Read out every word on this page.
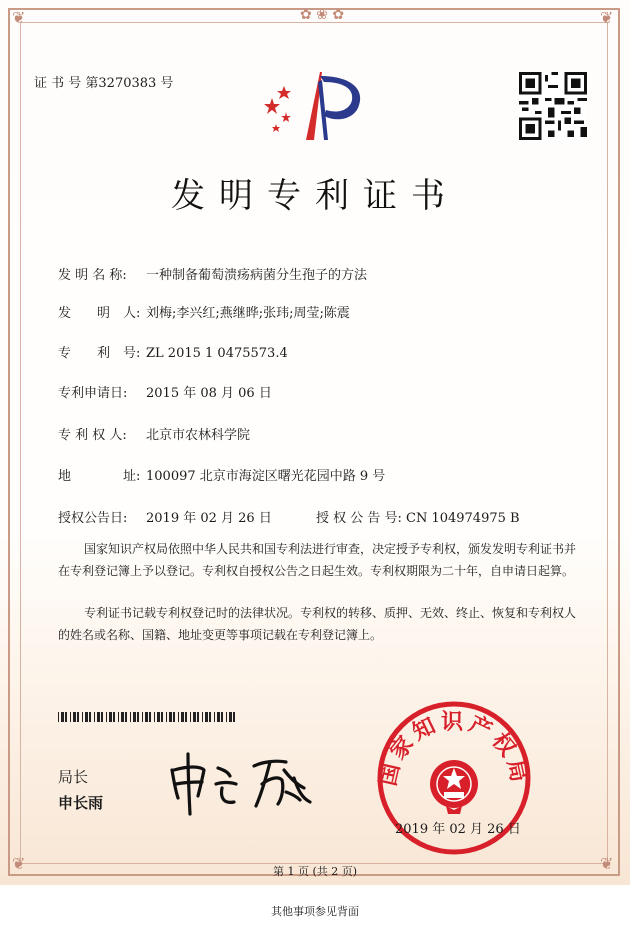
❦	❦
❦	❦
✿ ❀ ✿
证 书 号 第3270383 号
发明专利证书
发 明 名 称: 一种制备葡萄溃疡病菌分生孢子的方法
发　　明　人: 刘梅;李兴红;燕继晔;张玮;周莹;陈震
专　　利　号: ZL 2015 1 0475573.4
专利申请日: 2015 年 08 月 06 日
专 利 权 人: 北京市农林科学院
地　　　　址: 100097 北京市海淀区曙光花园中路 9 号
授权公告日: 2019 年 02 月 26 日	授 权 公 告 号: CN 104974975 B
国家知识产权局依照中华人民共和国专利法进行审查，决定授予专利权，颁发发明专利证书并在专利登记簿上予以登记。专利权自授权公告之日起生效。专利权期限为二十年，自申请日起算。
专利证书记载专利权登记时的法律状况。专利权的转移、质押、无效、终止、恢复和专利权人的姓名或名称、国籍、地址变更等事项记载在专利登记簿上。
局长
申长雨
国家知识产权局
2019 年 02 月 26 日
第 1 页 (共 2 页)
其他事项参见背面
